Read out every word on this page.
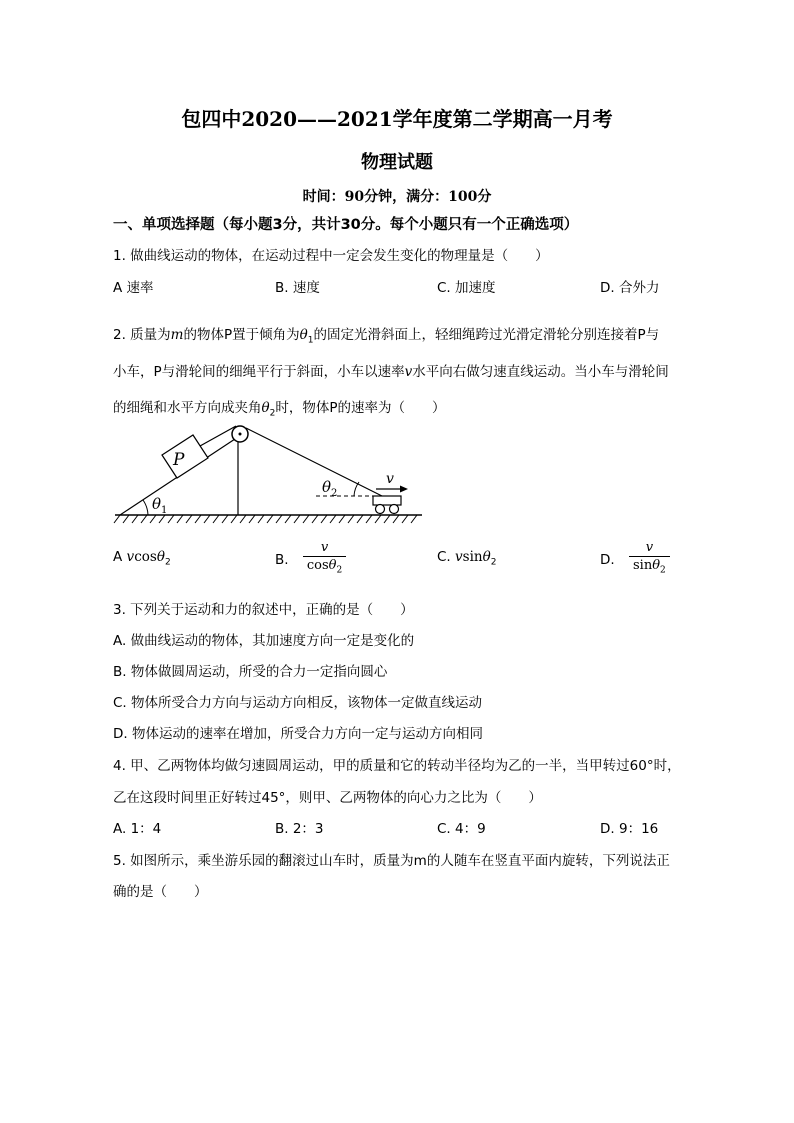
包四中2020——2021学年度第二学期高一月考
物理试题
时间：90分钟，满分：100分
一、单项选择题（每小题3分，共计30分。每个小题只有一个正确选项）
1. 做曲线运动的物体，在运动过程中一定会发生变化的物理量是（　　）
A 速率	B. 速度	C. 加速度	D. 合外力
2. 质量为m的物体P置于倾角为$\theta_1$的固定光滑斜面上，轻细绳跨过光滑定滑轮分别连接着P与
小车，P与滑轮间的细绳平行于斜面，小车以速率v水平向右做匀速直线运动。当小车与滑轮间
的细绳和水平方向成夹角$\theta_2$时，物体P的速率为（　　）
P
v
$\theta_1$
$\theta_2$
A vcosθ$_2$	B. $\frac{v}{\cos\theta_2}$	C. vsinθ$_2$	D. $\frac{v}{\sin\theta_2}$
3. 下列关于运动和力的叙述中，正确的是（　　）
A. 做曲线运动的物体，其加速度方向一定是变化的
B. 物体做圆周运动，所受的合力一定指向圆心
C. 物体所受合力方向与运动方向相反，该物体一定做直线运动
D. 物体运动的速率在增加，所受合力方向一定与运动方向相同
4. 甲、乙两物体均做匀速圆周运动，甲的质量和它的转动半径均为乙的一半，当甲转过60°时，
乙在这段时间里正好转过45°，则甲、乙两物体的向心力之比为（　　）
A. 1：4	B. 2：3	C. 4：9	D. 9：16
5. 如图所示，乘坐游乐园的翻滚过山车时，质量为m的人随车在竖直平面内旋转，下列说法正
确的是（　　）
